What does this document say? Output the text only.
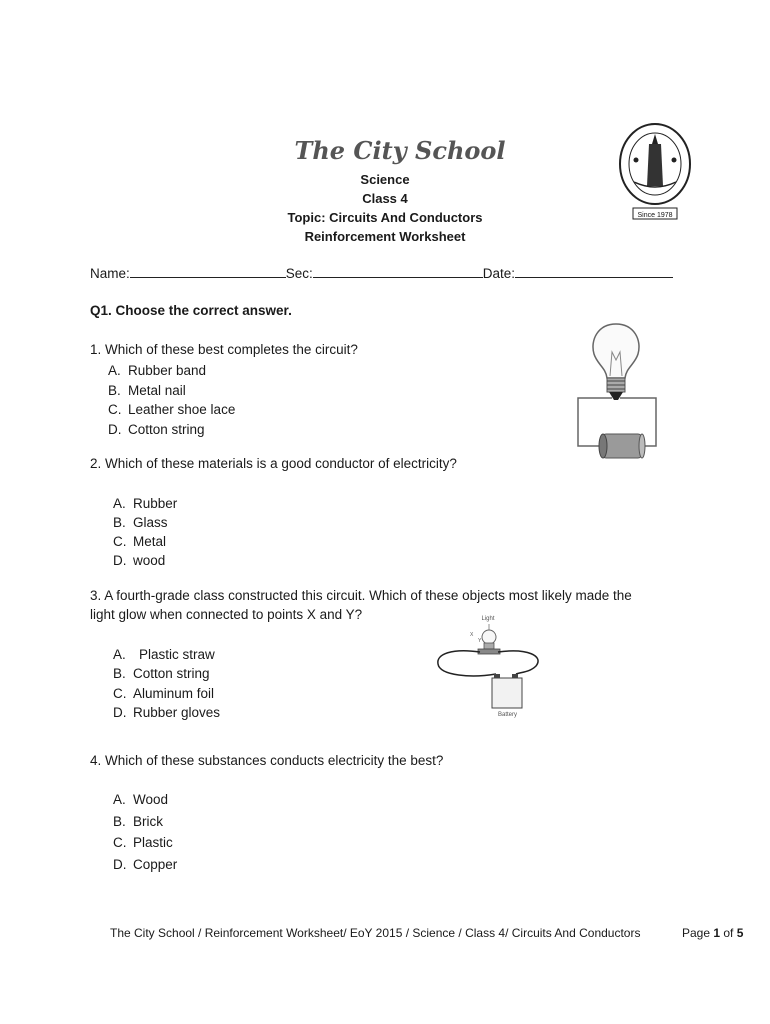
The City School
Since 1978
Science
Class 4
Topic: Circuits And Conductors
Reinforcement Worksheet
Name:	Sec:	Date:
Q1. Choose the correct answer.
1. Which of these best completes the circuit?
A. Rubber band
B. Metal nail
C. Leather shoe lace
D. Cotton string
2. Which of these materials is a good conductor of electricity?
A. Rubber
B. Glass
C. Metal
D. wood
3. A fourth-grade class constructed this circuit. Which of these objects most likely made the
light glow when connected to points X and Y?
A. Plastic straw
B. Cotton string
C. Aluminum foil
D. Rubber gloves
Light
X
Y
Battery
4. Which of these substances conducts electricity the best?
A. Wood
B. Brick
C. Plastic
D. Copper
The City School / Reinforcement Worksheet/ EoY 2015 / Science / Class 4/ Circuits And Conductors	Page 1 of 5
